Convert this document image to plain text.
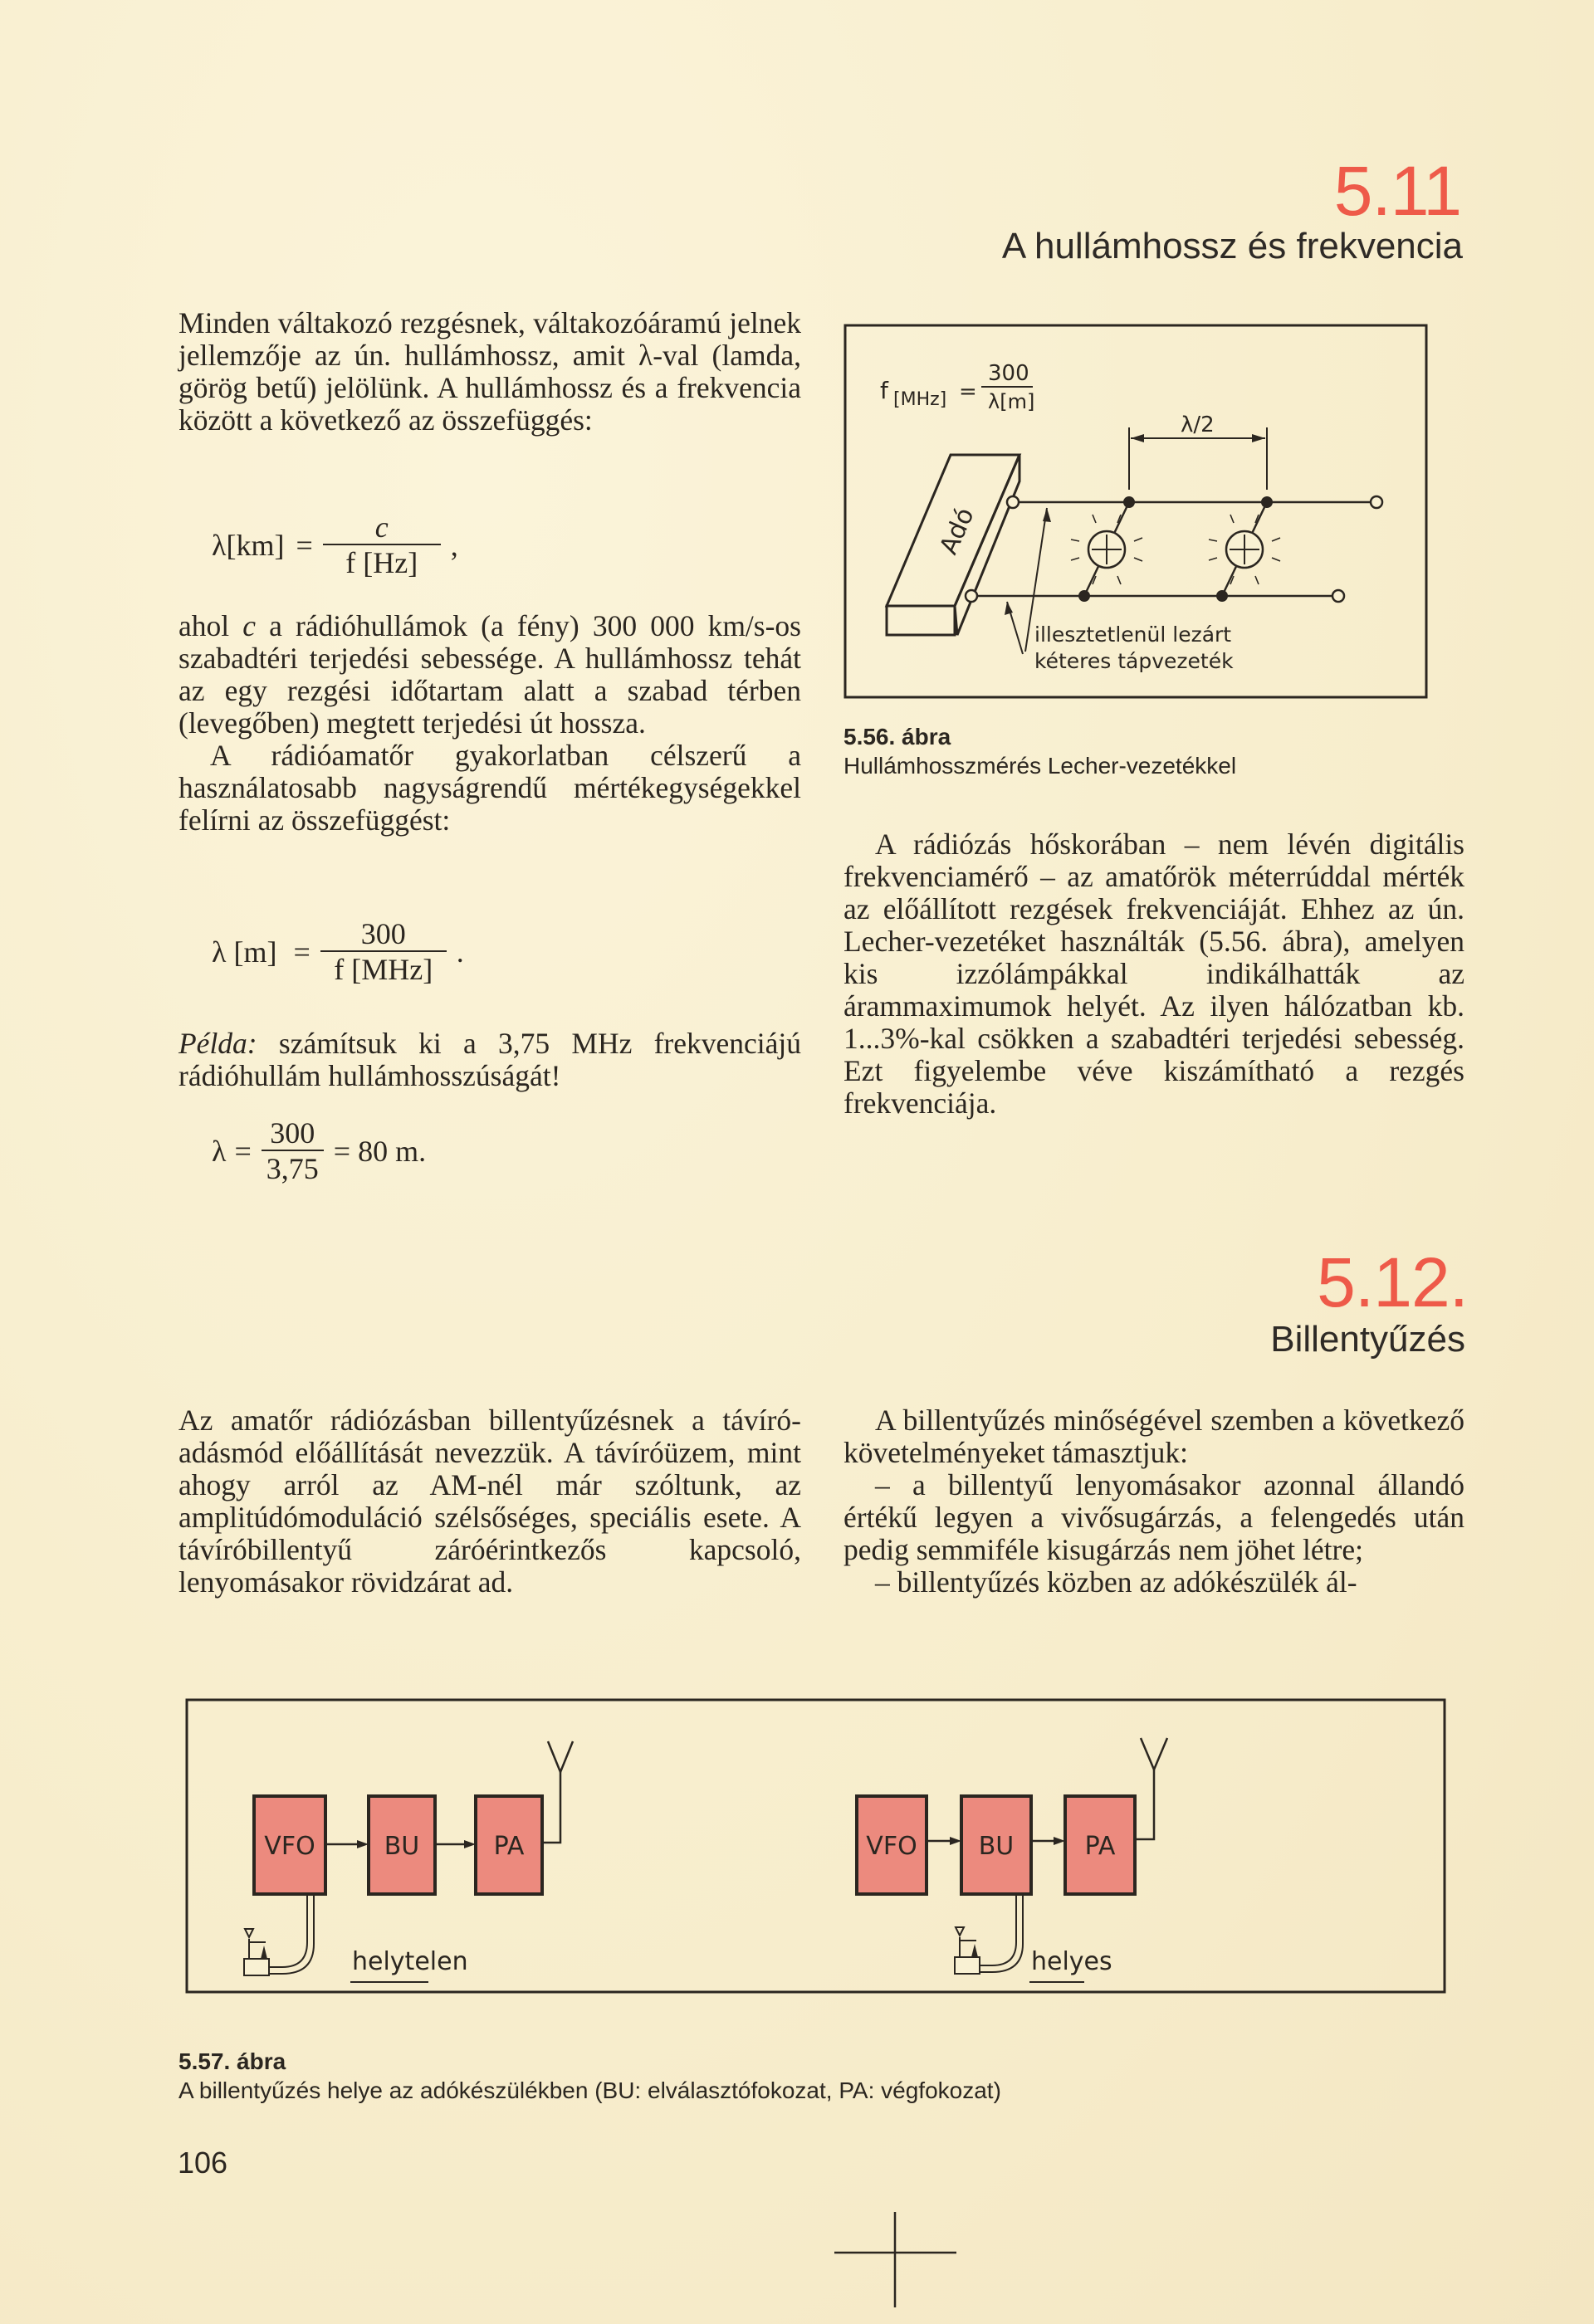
5.11
A hullámhossz és frekvencia

Minden váltakozó rezgésnek, váltakozóáramú jelnek jellemzője az ún. hullámhossz, amit λ-val (lamda, görög betű) jelölünk. A hullámhossz és a frekvencia között a következő az összefüggés:

$\lambda[km] = \frac{c}{f [Hz]}$ ,

ahol c a rádióhullámok (a fény) 300 000 km/s-os szabadtéri terjedési sebessége. A hullámhossz tehát az egy rezgési időtartam alatt a szabad térben (levegőben) megtett terjedési út hossza.

A rádióamatőr gyakorlatban célszerű a használatosabb nagyságrendű mértékegységekkel felírni az összefüggést:

λ $[m] = \frac{300}{\text{f [MHz]}}$ .

Példa: számítsuk ki a 3,75 MHz frekvenciájú rádióhullám hullámhosszúságát!

$\lambda = \frac{300}{3,75} = 80$ m.
f [MHz] =
300
λ[m]
λ/2
Adó
illesztetlenül lezárt
kéteres tápvezeték
5.56. ábra
Hullámhosszmérés Lecher-vezetékkel

A rádiózás hőskorában – nem lévén digitális frekvenciamérő – az amatőrök méterrúddal mérték az előállított rezgések frekvenciáját. Ehhez az ún. Lecher-vezetéket használták (5.56. ábra), amelyen kis izzólámpákkal indikálhatták az árammaximumok helyét. Az ilyen hálózatban kb. 1...3%-kal csökken a szabadtéri terjedési sebesség. Ezt figyelembe véve kiszámítható a rezgés frekvenciája.

5.12.
Billentyűzés

Az amatőr rádiózásban billentyűzésnek a távíró-adásmód előállítását nevezzük. A távíróüzem, mint ahogy arról az AM-nél már szóltunk, az amplitúdómoduláció szélsőséges, speciális esete. A távíróbillentyű záróérintkezős kapcsoló, lenyomásakor rövidzárat ad.

A billentyűzés minőségével szemben a következő követelményeket támasztjuk:

– a billentyű lenyomásakor azonnal állandó értékű legyen a vivősugárzás, a felengedés után pedig semmiféle kisugárzás nem jöhet létre;

– billentyűzés közben az adókészülék ál-

VFO	BU	PA
helytelen
VFO BU	PA
helyes
5.57. ábra
A billentyűzés helye az adókészülékben (BU: elválasztófokozat, PA: végfokozat)
106
